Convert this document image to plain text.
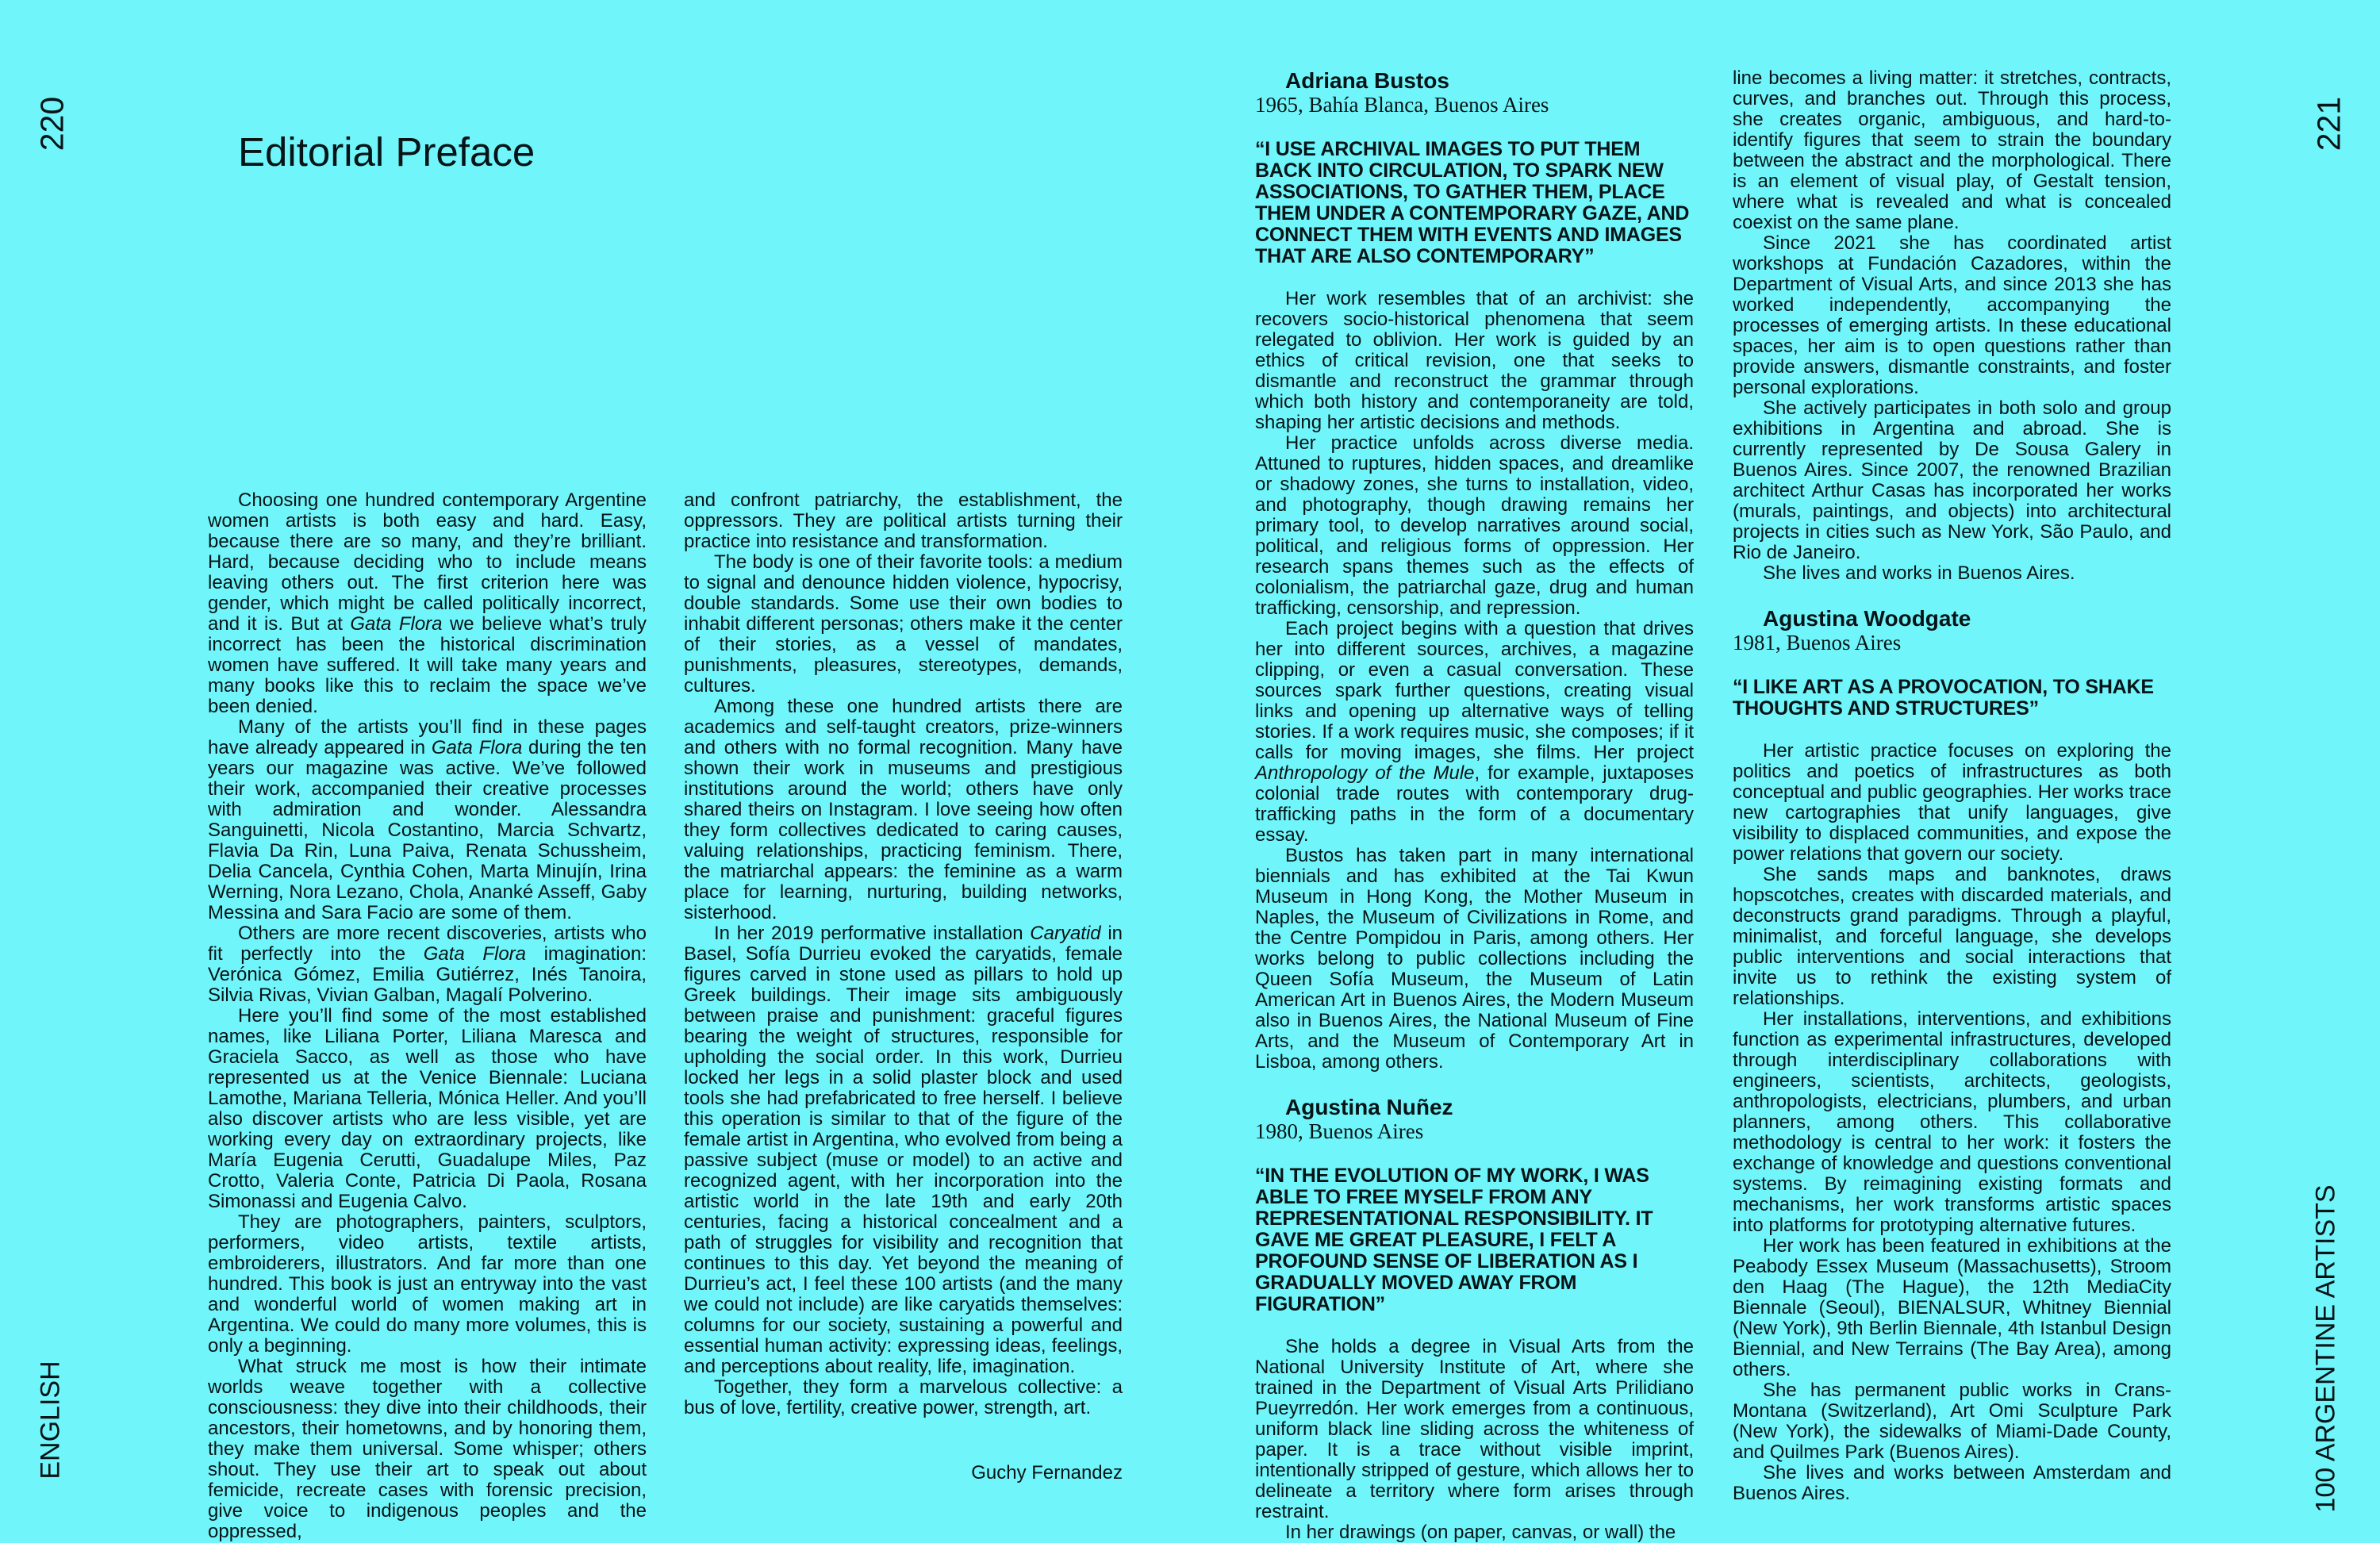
220
ENGLISH
221
100 ARGENTINE ARTISTS
Editorial Preface
Choosing one hundred contemporary Argentine women artists is both easy and hard. Easy, because there are so many, and they’re brilliant. Hard, because deciding who to include means leaving others out. The first criterion here was gender, which might be called politically incorrect, and it is. But at Gata Flora we believe what’s truly incorrect has been the historical discrimination women have suffered. It will take many years and many books like this to reclaim the space we’ve been denied.
Many of the artists you’ll find in these pages have already appeared in Gata Flora during the ten years our magazine was active. We’ve followed their work, accompanied their creative processes with admiration and wonder. Alessandra Sanguinetti, Nicola Costantino, Marcia Schvartz, Flavia Da Rin, Luna Paiva, Renata Schussheim, Delia Cancela, Cynthia Cohen, Marta Minujín, Irina Werning, Nora Lezano, Chola, Ananké Asseff, Gaby Messina and Sara Facio are some of them.
Others are more recent discoveries, artists who fit perfectly into the Gata Flora imagination: Verónica Gómez, Emilia Gutiérrez, Inés Tanoira, Silvia Rivas, Vivian Galban, Magalí Polverino.
Here you’ll find some of the most established names, like Liliana Porter, Liliana Maresca and Graciela Sacco, as well as those who have represented us at the Venice Biennale: Luciana Lamothe, Mariana Telleria, Mónica Heller. And you’ll also discover artists who are less visible, yet are working every day on extraordinary projects, like María Eugenia Cerutti, Guadalupe Miles, Paz Crotto, Valeria Conte, Patricia Di Paola, Rosana Simonassi and Eugenia Calvo.
They are photographers, painters, sculptors, performers, video artists, textile artists, embroiderers, illustrators. And far more than one hundred. This book is just an entryway into the vast and wonderful world of women making art in Argentina. We could do many more volumes, this is only a beginning.
What struck me most is how their intimate worlds weave together with a collective consciousness: they dive into their childhoods, their ancestors, their hometowns, and by honoring them, they make them universal. Some whisper; others shout. They use their art to speak out about femicide, recreate cases with forensic precision, give voice to indigenous peoples and the oppressed,
and confront patriarchy, the establishment, the oppressors. They are political artists turning their practice into resistance and transformation.
The body is one of their favorite tools: a medium to signal and denounce hidden violence, hypocrisy, double standards. Some use their own bodies to inhabit different personas; others make it the center of their stories, as a vessel of mandates, punishments, pleasures, stereotypes, demands, cultures.
Among these one hundred artists there are academics and self-taught creators, prize-winners and others with no formal recognition. Many have shown their work in museums and prestigious institutions around the world; others have only shared theirs on Instagram. I love seeing how often they form collectives dedicated to caring causes, valuing relationships, practicing feminism. There, the matriarchal appears: the feminine as a warm place for learning, nurturing, building networks, sisterhood.
In her 2019 performative installation Caryatid in Basel, Sofía Durrieu evoked the caryatids, female figures carved in stone used as pillars to hold up Greek buildings. Their image sits ambiguously between praise and punishment: graceful figures bearing the weight of structures, responsible for upholding the social order. In this work, Durrieu locked her legs in a solid plaster block and used tools she had prefabricated to free herself. I believe this operation is similar to that of the figure of the female artist in Argentina, who evolved from being a passive subject (muse or model) to an active and recognized agent, with her incorporation into the artistic world in the late 19th and early 20th centuries, facing a historical concealment and a path of struggles for visibility and recognition that continues to this day. Yet beyond the meaning of Durrieu’s act, I feel these 100 artists (and the many we could not include) are like caryatids themselves: columns for our society, sustaining a powerful and essential human activity: expressing ideas, feelings, and perceptions about reality, life, imagination.
Together, they form a marvelous collective: a bus of love, fertility, creative power, strength, art.
Guchy Fernandez
Adriana Bustos
1965, Bahía Blanca, Buenos Aires
“I USE ARCHIVAL IMAGES TO PUT THEM BACK INTO CIRCULATION, TO SPARK NEW ASSOCIATIONS, TO GATHER THEM, PLACE THEM UNDER A CONTEMPORARY GAZE, AND CONNECT THEM WITH EVENTS AND IMAGES THAT ARE ALSO CONTEMPORARY”
Her work resembles that of an archivist: she recovers socio-historical phenomena that seem relegated to oblivion. Her work is guided by an ethics of critical revision, one that seeks to dismantle and reconstruct the grammar through which both history and contemporaneity are told, shaping her artistic decisions and methods.
Her practice unfolds across diverse media. Attuned to ruptures, hidden spaces, and dreamlike or shadowy zones, she turns to installation, video, and photography, though drawing remains her primary tool, to develop narratives around social, political, and religious forms of oppression. Her research spans themes such as the effects of colonialism, the patriarchal gaze, drug and human trafficking, censorship, and repression.
Each project begins with a question that drives her into different sources, archives, a magazine clipping, or even a casual conversation. These sources spark further questions, creating visual links and opening up alternative ways of telling stories. If a work requires music, she composes; if it calls for moving images, she films. Her project Anthropology of the Mule, for example, juxtaposes colonial trade routes with contemporary drug-trafficking paths in the form of a documentary essay.
Bustos has taken part in many international biennials and has exhibited at the Tai Kwun Museum in Hong Kong, the Mother Museum in Naples, the Museum of Civilizations in Rome, and the Centre Pompidou in Paris, among others. Her works belong to public collections including the Queen Sofía Museum, the Museum of Latin American Art in Buenos Aires, the Modern Museum also in Buenos Aires, the National Museum of Fine Arts, and the Museum of Contemporary Art in Lisboa, among others.
Agustina Nuñez
1980, Buenos Aires
“IN THE EVOLUTION OF MY WORK, I WAS ABLE TO FREE MYSELF FROM ANY REPRESENTATIONAL RESPONSIBILITY. IT GAVE ME GREAT PLEASURE, I FELT A PROFOUND SENSE OF LIBERATION AS I GRADUALLY MOVED AWAY FROM FIGURATION”
She holds a degree in Visual Arts from the National University Institute of Art, where she trained in the Department of Visual Arts Prilidiano Pueyrredón. Her work emerges from a continuous, uniform black line sliding across the whiteness of paper. It is a trace without visible imprint, intentionally stripped of gesture, which allows her to delineate a territory where form arises through restraint.
In her drawings (on paper, canvas, or wall) the
line becomes a living matter: it stretches, contracts, curves, and branches out. Through this process, she creates organic, ambiguous, and hard-to-identify figures that seem to strain the boundary between the abstract and the morphological. There is an element of visual play, of Gestalt tension, where what is revealed and what is concealed coexist on the same plane.
Since 2021 she has coordinated artist workshops at Fundación Cazadores, within the Department of Visual Arts, and since 2013 she has worked independently, accompanying the processes of emerging artists. In these educational spaces, her aim is to open questions rather than provide answers, dismantle constraints, and foster personal explorations.
She actively participates in both solo and group exhibitions in Argentina and abroad. She is currently represented by De Sousa Galery in Buenos Aires. Since 2007, the renowned Brazilian architect Arthur Casas has incorporated her works (murals, paintings, and objects) into architectural projects in cities such as New York, São Paulo, and Rio de Janeiro.
She lives and works in Buenos Aires.
Agustina Woodgate
1981, Buenos Aires
“I LIKE ART AS A PROVOCATION, TO SHAKE THOUGHTS AND STRUCTURES”
Her artistic practice focuses on exploring the politics and poetics of infrastructures as both conceptual and public geographies. Her works trace new cartographies that unify languages, give visibility to displaced communities, and expose the power relations that govern our society.
She sands maps and banknotes, draws hopscotches, creates with discarded materials, and deconstructs grand paradigms. Through a playful, minimalist, and forceful language, she develops public interventions and social interactions that invite us to rethink the existing system of relationships.
Her installations, interventions, and exhibitions function as experimental infrastructures, developed through interdisciplinary collaborations with engineers, scientists, architects, geologists, anthropologists, electricians, plumbers, and urban planners, among others. This collaborative methodology is central to her work: it fosters the exchange of knowledge and questions conventional systems. By reimagining existing formats and mechanisms, her work transforms artistic spaces into platforms for prototyping alternative futures.
Her work has been featured in exhibitions at the Peabody Essex Museum (Massachusetts), Stroom den Haag (The Hague), the 12th MediaCity Biennale (Seoul), BIENALSUR, Whitney Biennial (New York), 9th Berlin Biennale, 4th Istanbul Design Biennial, and New Terrains (The Bay Area), among others.
She has permanent public works in Crans-Montana (Switzerland), Art Omi Sculpture Park (New York), the sidewalks of Miami-Dade County, and Quilmes Park (Buenos Aires).
She lives and works between Amsterdam and Buenos Aires.
